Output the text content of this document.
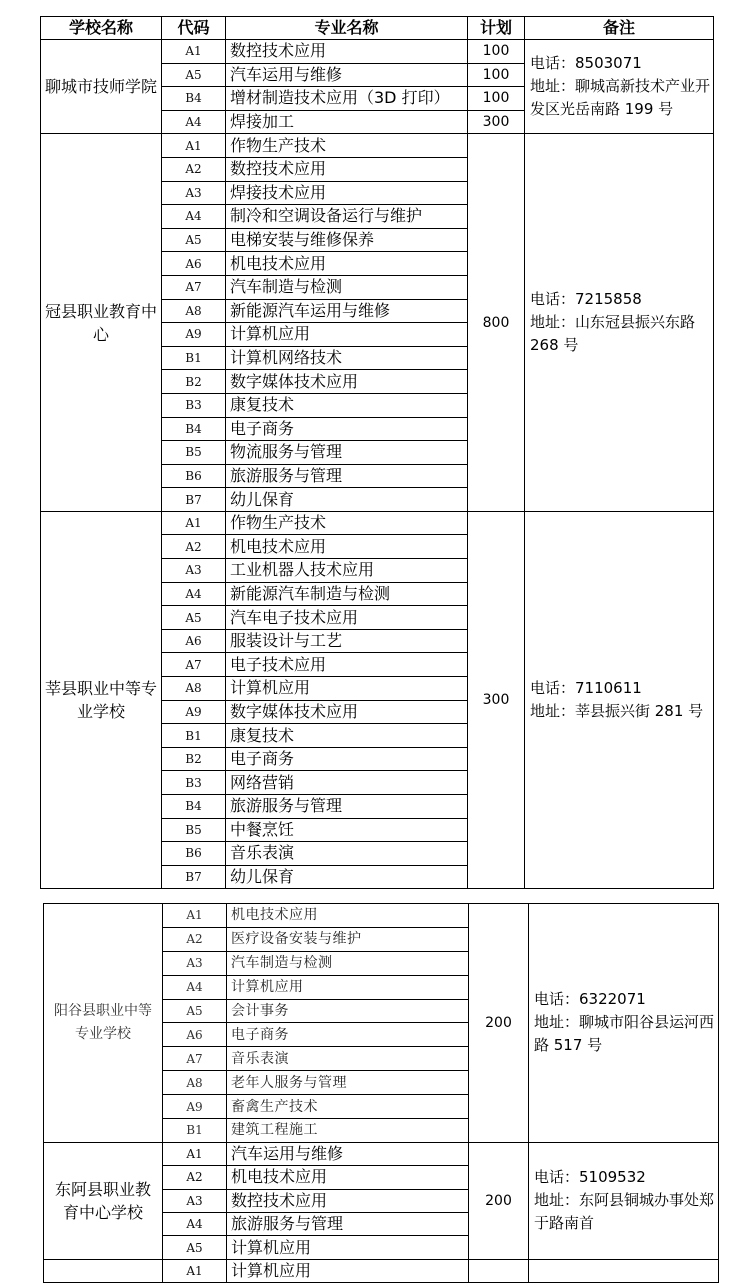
学校名称	代码	专业名称	计划	备注
聊城市技师学院	A1	数控技术应用	100	电话：8503071
地址：聊城高新技术产业开发区光岳南路 199 号
	A5	汽车运用与维修	100	
	B4	增材制造技术应用（3D 打印）	100	
	A4	焊接加工	300	
冠县职业教育中心	A1	作物生产技术	800	电话：7215858
地址：山东冠县振兴东路 268 号
	A2	数控技术应用		
	A3	焊接技术应用		
	A4	制冷和空调设备运行与维护		
	A5	电梯安装与维修保养		
	A6	机电技术应用		
	A7	汽车制造与检测		
	A8	新能源汽车运用与维修		
	A9	计算机应用		
	B1	计算机网络技术		
	B2	数字媒体技术应用		
	B3	康复技术		
	B4	电子商务		
	B5	物流服务与管理		
	B6	旅游服务与管理		
	B7	幼儿保育		
莘县职业中等专业学校	A1	作物生产技术	300	电话：7110611
地址：莘县振兴街 281 号
	A2	机电技术应用		
	A3	工业机器人技术应用		
	A4	新能源汽车制造与检测		
	A5	汽车电子技术应用		
	A6	服装设计与工艺		
	A7	电子技术应用		
	A8	计算机应用		
	A9	数字媒体技术应用		
	B1	康复技术		
	B2	电子商务		
	B3	网络营销		
	B4	旅游服务与管理		
	B5	中餐烹饪		
	B6	音乐表演		
	B7	幼儿保育		
阳谷县职业中等专业学校	A1	机电技术应用	200	电话：6322071
地址：聊城市阳谷县运河西路 517 号
	A2	医疗设备安装与维护		
	A3	汽车制造与检测		
	A4	计算机应用		
	A5	会计事务		
	A6	电子商务		
	A7	音乐表演		
	A8	老年人服务与管理		
	A9	畜禽生产技术		
	B1	建筑工程施工		
东阿县职业教育中心学校	A1	汽车运用与维修	200	电话：5109532
地址：东阿县铜城办事处郑于路南首
	A2	机电技术应用		
	A3	数控技术应用		
	A4	旅游服务与管理		
	A5	计算机应用		
	A1	计算机应用		
